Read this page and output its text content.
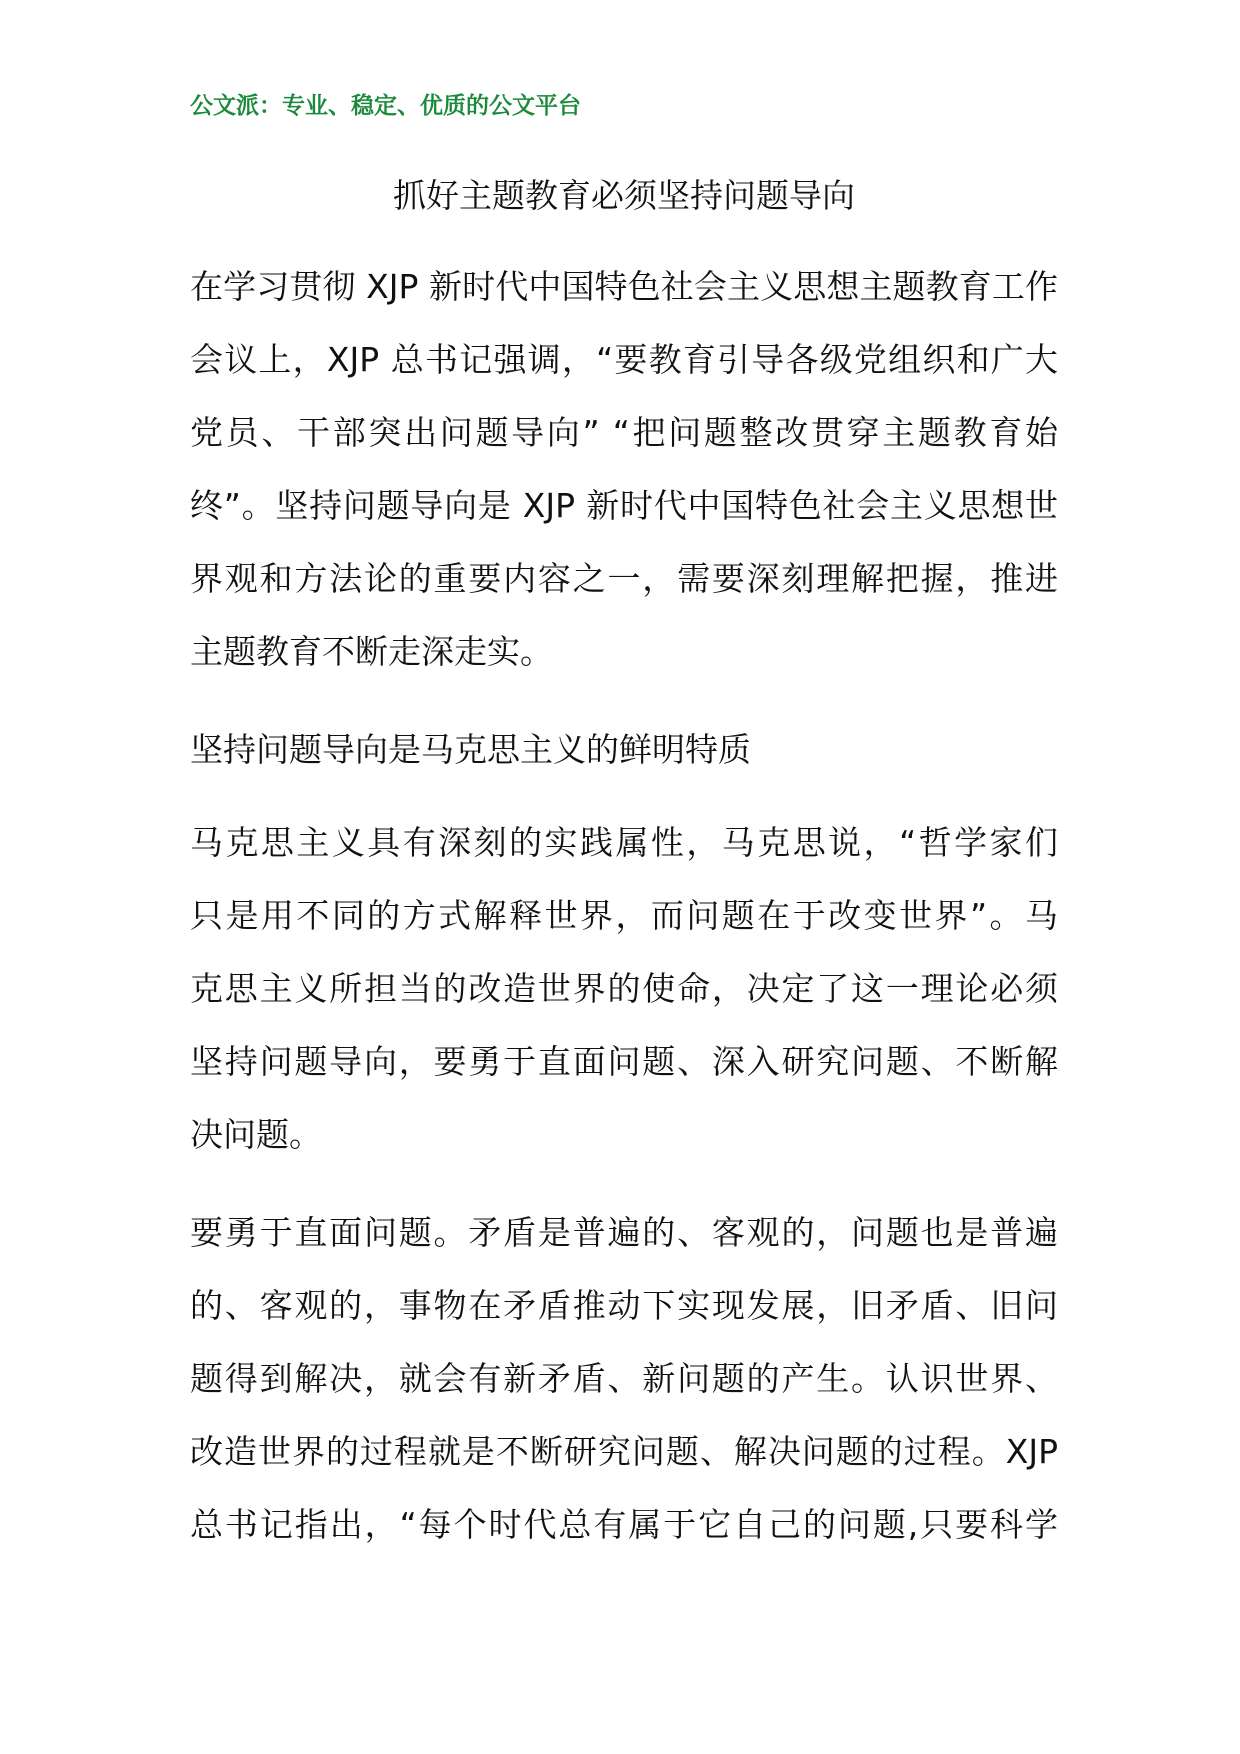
公文派：专业、稳定、优质的公文平台
抓好主题教育必须坚持问题导向
在学习贯彻 XJP 新时代中国特色社会主义思想主题教育工作
会议上，XJP 总书记强调，“要教育引导各级党组织和广大
党员、干部突出问题导向” “把问题整改贯穿主题教育始
终”。坚持问题导向是 XJP 新时代中国特色社会主义思想世
界观和方法论的重要内容之一，需要深刻理解把握，推进
主题教育不断走深走实。
坚持问题导向是马克思主义的鲜明特质
马克思主义具有深刻的实践属性，马克思说，“哲学家们
只是用不同的方式解释世界，而问题在于改变世界”。马
克思主义所担当的改造世界的使命，决定了这一理论必须
坚持问题导向，要勇于直面问题、深入研究问题、不断解
决问题。
要勇于直面问题。矛盾是普遍的、客观的，问题也是普遍
的、客观的，事物在矛盾推动下实现发展，旧矛盾、旧问
题得到解决，就会有新矛盾、新问题的产生。认识世界、
改造世界的过程就是不断研究问题、解决问题的过程。XJP
总书记指出，“每个时代总有属于它自己的问题,只要科学
